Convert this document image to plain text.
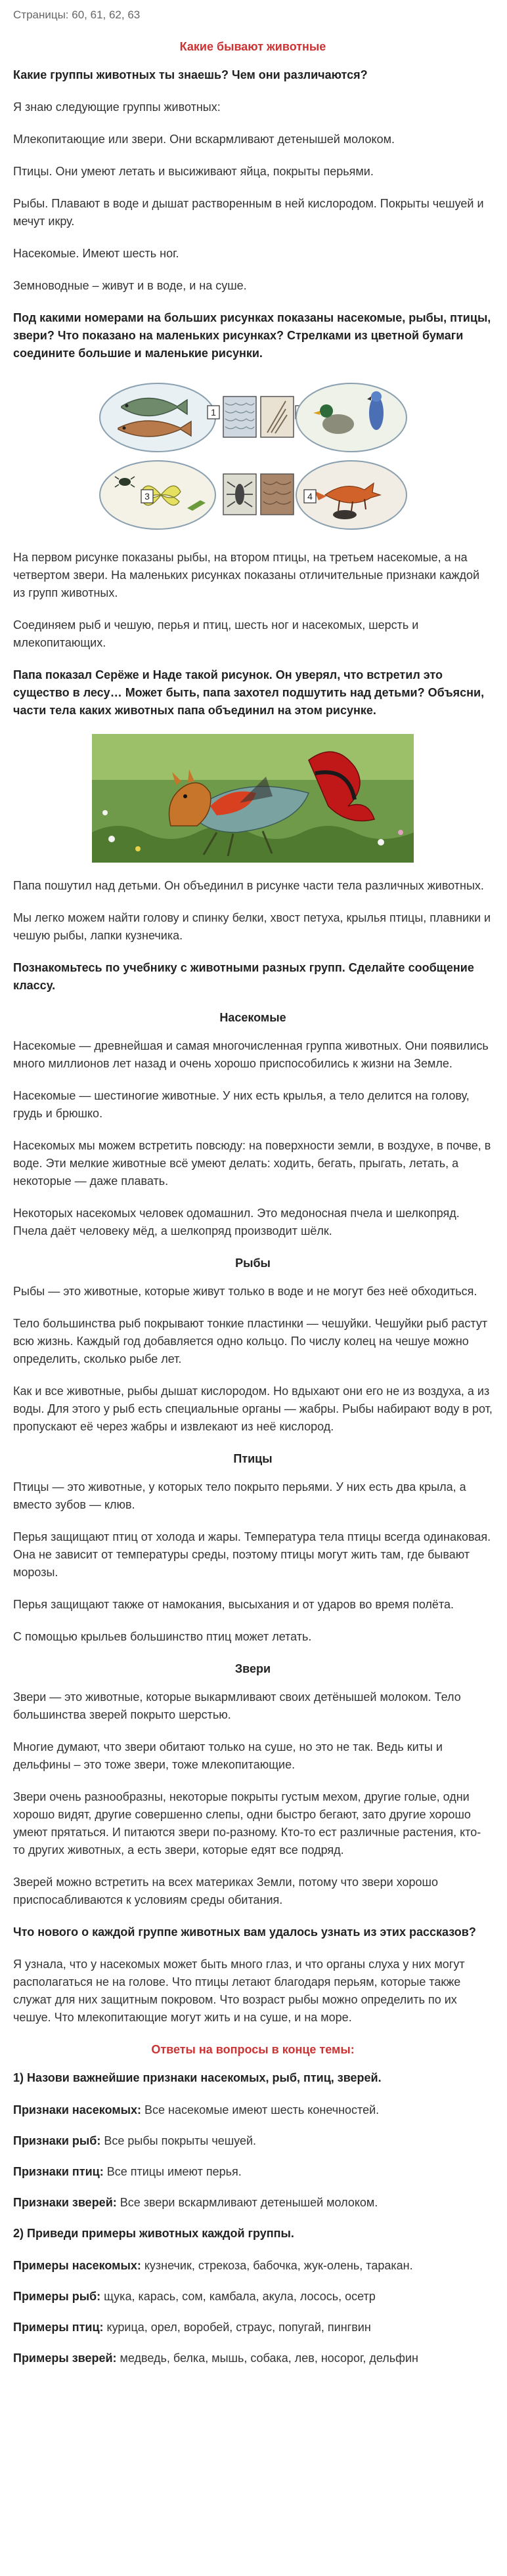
Страницы: 60, 61, 62, 63
Какие бывают животные

Какие группы животных ты знаешь? Чем они различаются?

Я знаю следующие группы животных:

Млекопитающие или звери. Они вскармливают детенышей молоком.

Птицы. Они умеют летать и высиживают яйца, покрыты перьями.

Рыбы. Плавают в воде и дышат растворенным в ней кислородом. Покрыты чешуей и мечут икру.

Насекомые. Имеют шесть ног.

Земноводные – живут и в воде, и на суше.

Под какими номерами на больших рисунках показаны насекомые, рыбы, птицы, звери? Что показано на маленьких рисунках? Стрелками из цветной бумаги соедините большие и маленькие рисунки.

1
3	4

На первом рисунке показаны рыбы, на втором птицы, на третьем насекомые, а на четвертом звери. На маленьких рисунках показаны отличительные признаки каждой из групп животных.

Соединяем рыб и чешую, перья и птиц, шесть ног и насекомых, шерсть и млекопитающих.

Папа показал Серёже и Наде такой рисунок. Он уверял, что встретил это существо в лесу… Может быть, папа захотел подшутить над детьми? Объясни, части тела каких животных папа объединил на этом рисунке.

Папа пошутил над детьми. Он объединил в рисунке части тела различных животных.

Мы легко можем найти голову и спинку белки, хвост петуха, крылья птицы, плавники и чешую рыбы, лапки кузнечика.

Познакомьтесь по учебнику с животными разных групп. Сделайте сообщение классу.

Насекомые

Насекомые — древнейшая и самая многочисленная группа животных. Они появились много миллионов лет назад и очень хорошо приспособились к жизни на Земле.

Насекомые — шестиногие животные. У них есть крылья, а тело делится на голову, грудь и брюшко.

Насекомых мы можем встретить повсюду: на поверхности земли, в воздухе, в почве, в воде. Эти мелкие животные всё умеют делать: ходить, бегать, прыгать, летать, а некоторые — даже плавать.

Некоторых насекомых человек одомашнил. Это медоносная пчела и шелкопряд. Пчела даёт человеку мёд, а шелкопряд производит шёлк.

Рыбы

Рыбы — это животные, которые живут только в воде и не могут без неё обходиться.

Тело большинства рыб покрывают тонкие пластинки — чешуйки. Чешуйки рыб растут всю жизнь. Каждый год добавляется одно кольцо. По числу колец на чешуе можно определить, сколько рыбе лет.

Как и все животные, рыбы дышат кислородом. Но вдыхают они его не из воздуха, а из воды. Для этого у рыб есть специальные органы — жабры. Рыбы набирают воду в рот, пропускают её через жабры и извлекают из неё кислород.

Птицы

Птицы — это животные, у которых тело покрыто перьями. У них есть два крыла, а вместо зубов — клюв.

Перья защищают птиц от холода и жары. Температура тела птицы всегда одинаковая. Она не зависит от температуры среды, поэтому птицы могут жить там, где бывают морозы.

Перья защищают также от намокания, высыхания и от ударов во время полёта.

С помощью крыльев большинство птиц может летать.

Звери

Звери — это животные, которые выкармливают своих детёнышей молоком. Тело большинства зверей покрыто шерстью.

Многие думают, что звери обитают только на суше, но это не так. Ведь киты и дельфины – это тоже звери, тоже млекопитающие.

Звери очень разнообразны, некоторые покрыты густым мехом, другие голые, одни хорошо видят, другие совершенно слепы, одни быстро бегают, зато другие хорошо умеют прятаться. И питаются звери по-разному. Кто-то ест различные растения, кто-то других животных, а есть звери, которые едят все подряд.

Зверей можно встретить на всех материках Земли, потому что звери хорошо приспосабливаются к условиям среды обитания.

Что нового о каждой группе животных вам удалось узнать из этих рассказов?

Я узнала, что у насекомых может быть много глаз, и что органы слуха у них могут располагаться не на голове. Что птицы летают благодаря перьям, которые также служат для них защитным покровом. Что возраст рыбы можно определить по их чешуе. Что млекопитающие могут жить и на суше, и на море.

Ответы на вопросы в конце темы:

1) Назови важнейшие признаки насекомых, рыб, птиц, зверей.

Признаки насекомых: Все насекомые имеют шесть конечностей.

Признаки рыб: Все рыбы покрыты чешуей.

Признаки птиц: Все птицы имеют перья.

Признаки зверей: Все звери вскармливают детенышей молоком.

2) Приведи примеры животных каждой группы.

Примеры насекомых: кузнечик, стрекоза, бабочка, жук-олень, таракан.

Примеры рыб: щука, карась, сом, камбала, акула, лосось, осетр

Примеры птиц: курица, орел, воробей, страус, попугай, пингвин

Примеры зверей: медведь, белка, мышь, собака, лев, носорог, дельфин
